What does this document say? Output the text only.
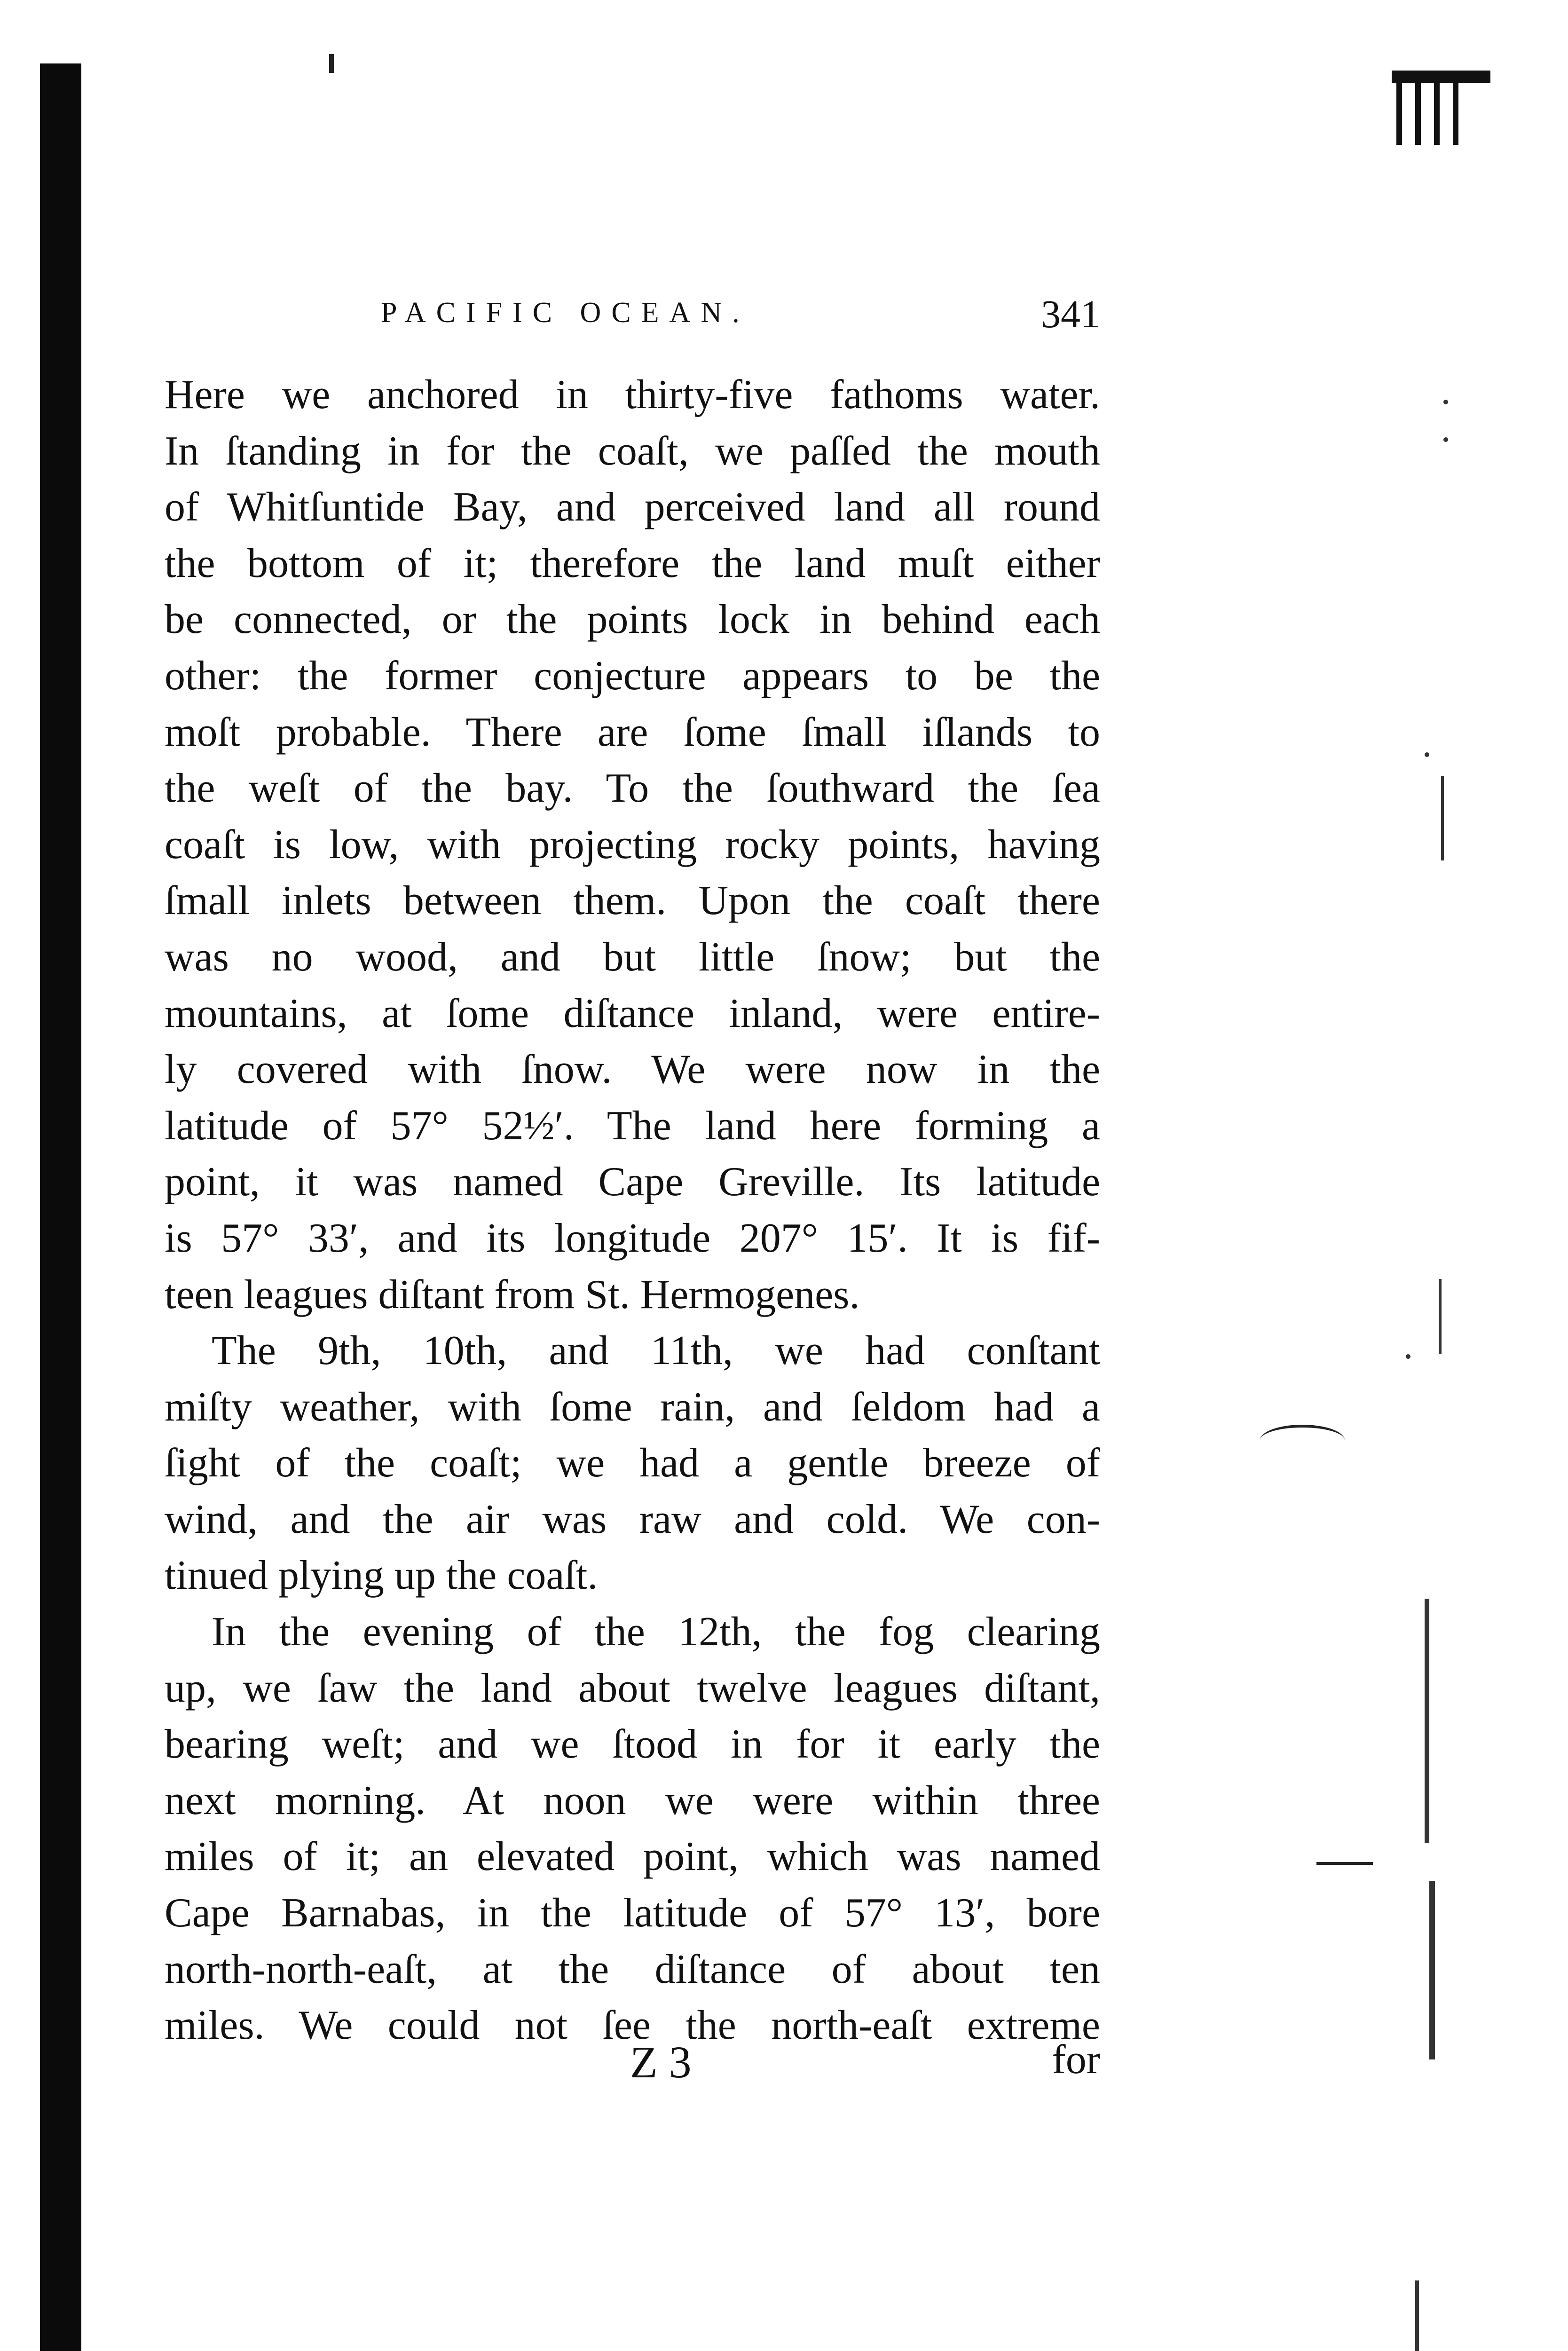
PACIFIC OCEAN.	341
Here we anchored in thirty-five fathoms water.
In ſtanding in for the coaſt, we paſſed the mouth
of Whitſuntide Bay, and perceived land all round
the bottom of it; therefore the land muſt either
be connected, or the points lock in behind each
other: the former conjecture appears to be the
moſt probable. There are ſome ſmall iſlands to
the weſt of the bay. To the ſouthward the ſea
coaſt is low, with projecting rocky points, having
ſmall inlets between them. Upon the coaſt there
was no wood, and but little ſnow; but the
mountains, at ſome diſtance inland, were entire-
ly covered with ſnow. We were now in the
latitude of 57° 52½′. The land here forming a
point, it was named Cape Greville. Its latitude
is 57° 33′, and its longitude 207° 15′. It is fif-
teen leagues diſtant from St. Hermogenes.
The 9th, 10th, and 11th, we had conſtant
miſty weather, with ſome rain, and ſeldom had a
ſight of the coaſt; we had a gentle breeze of
wind, and the air was raw and cold. We con-
tinued plying up the coaſt.
In the evening of the 12th, the fog clearing
up, we ſaw the land about twelve leagues diſtant,
bearing weſt; and we ſtood in for it early the
next morning. At noon we were within three
miles of it; an elevated point, which was named
Cape Barnabas, in the latitude of 57° 13′, bore
north-north-eaſt, at the diſtance of about ten
miles. We could not ſee the north-eaſt extreme
Z 3	for
